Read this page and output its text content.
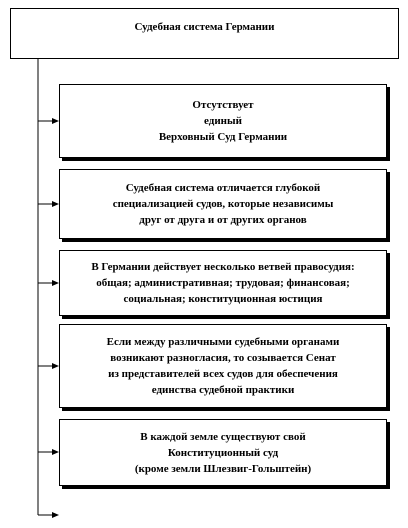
Судебная система Германии
Отсутствует
единый
Верховный Суд Германии
Судебная система отличается глубокой
специализацией судов, которые независимы
друг от друга и от других органов
В Германии действует несколько ветвей правосудия:
общая; административная; трудовая; финансовая;
социальная; конституционная юстиция
Если между различными судебными органами
возникают разногласия, то созывается Сенат
из представителей всех судов для обеспечения
единства судебной практики
В каждой земле существуют свой
Конституционный суд
(кроме земли Шлезвиг-Гольштейн)
